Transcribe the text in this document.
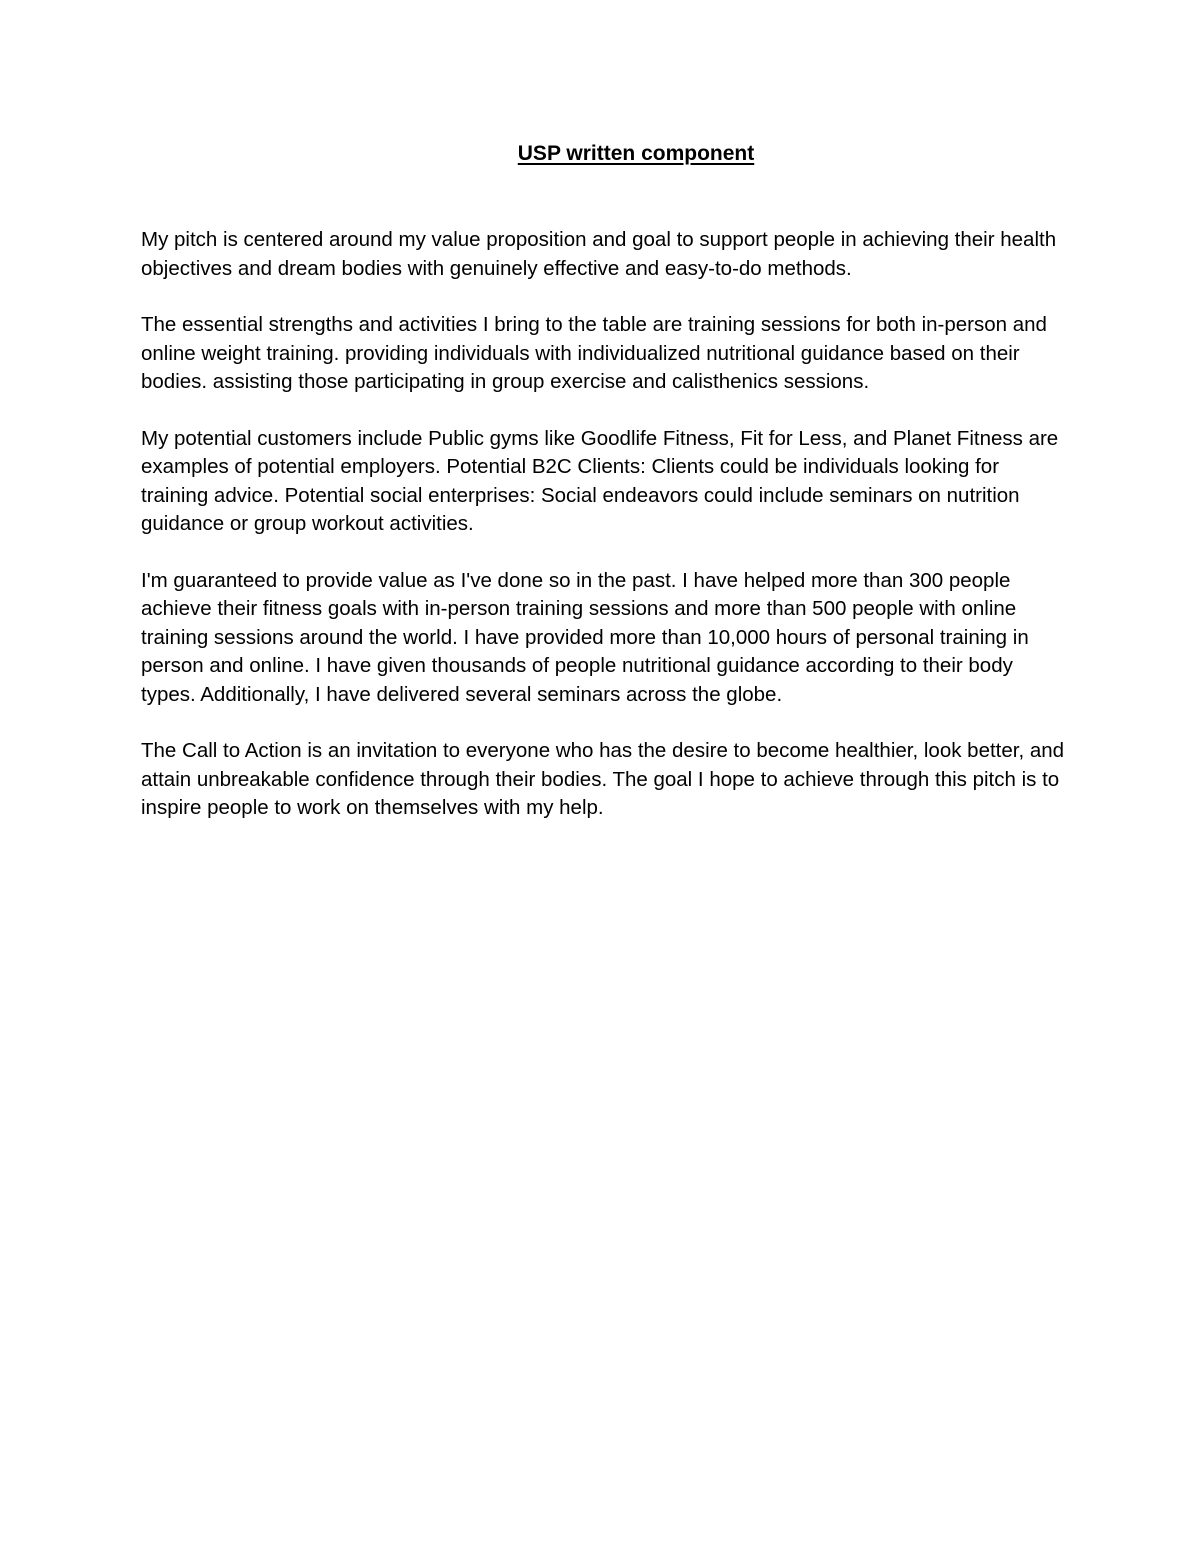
USP written component

My pitch is centered around my value proposition and goal to support people in achieving their health objectives and dream bodies with genuinely effective and easy-to-do methods.

The essential strengths and activities I bring to the table are training sessions for both in-person and online weight training. providing individuals with individualized nutritional guidance based on their bodies. assisting those participating in group exercise and calisthenics sessions.

My potential customers include Public gyms like Goodlife Fitness, Fit for Less, and Planet Fitness are examples of potential employers. Potential B2C Clients: Clients could be individuals looking for training advice. Potential social enterprises: Social endeavors could include seminars on nutrition guidance or group workout activities.

I'm guaranteed to provide value as I've done so in the past. I have helped more than 300 people achieve their fitness goals with in-person training sessions and more than 500 people with online training sessions around the world. I have provided more than 10,000 hours of personal training in person and online. I have given thousands of people nutritional guidance according to their body types. Additionally, I have delivered several seminars across the globe.

The Call to Action is an invitation to everyone who has the desire to become healthier, look better, and attain unbreakable confidence through their bodies. The goal I hope to achieve through this pitch is to inspire people to work on themselves with my help.
